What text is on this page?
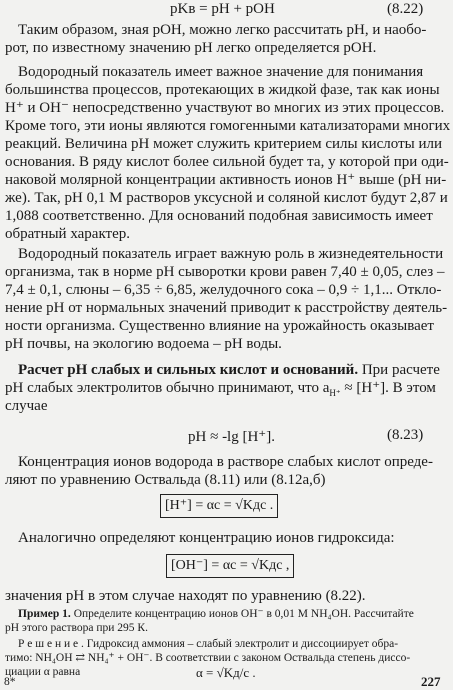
pKв = pH + pOH	(8.22)
Таким образом, зная pOH, можно легко рассчитать pH, и наобо-
рот, по известному значению pH легко определяется pOH.
Водородный показатель имеет важное значение для понимания
большинства процессов, протекающих в жидкой фазе, так как ионы
H⁺ и OH⁻ непосредственно участвуют во многих из этих процессов.
Кроме того, эти ионы являются гомогенными катализаторами многих
реакций. Величина pH может служить критерием силы кислоты или
основания. В ряду кислот более сильной будет та, у которой при оди-
наковой молярной концентрации активность ионов H⁺ выше (pH ни-
же). Так, pH 0,1 М растворов уксусной и соляной кислот будут 2,87 и
1,088 соответственно. Для оснований подобная зависимость имеет
обратный характер.
Водородный показатель играет важную роль в жизнедеятельности
организма, так в норме pH сыворотки крови равен 7,40 ± 0,05, слез –
7,4 ± 0,1, слюны – 6,35 ÷ 6,85, желудочного сока – 0,9 ÷ 1,1... Откло-
нение pH от нормальных значений приводит к расстройству деятель-
ности организма. Существенно влияние на урожайность оказывает
pH почвы, на экологию водоема – pH воды.
Расчет pH слабых и сильных кислот и оснований. При расчете
pH слабых электролитов обычно принимают, что $a_{H^+} \approx [H^+]$. В этом
случае
pH ≈ -lg [H⁺].	(8.23)
Концентрация ионов водорода в растворе слабых кислот опреде-
ляют по уравнению Оствальда (8.11) или (8.12а,б)
[H⁺] = αc = √Kдc .
Аналогично определяют концентрацию ионов гидроксида:
[OH⁻] = αc = √Kдc ,
значения pH в этом случае находят по уравнению (8.22).
Пример 1. Определите концентрацию ионов OH⁻ в 0,01 М NH₄OH. Рассчитайте
pH этого раствора при 295 К.
Р е ш е н и е . Гидроксид аммония – слабый электролит и диссоциирует обра-
тимо: NH₄OH ⇄ NH₄⁺ + OH⁻. В соответствии с законом Оствальда степень диссо-
циации α равна	α = √Kд/c .
8*	227
